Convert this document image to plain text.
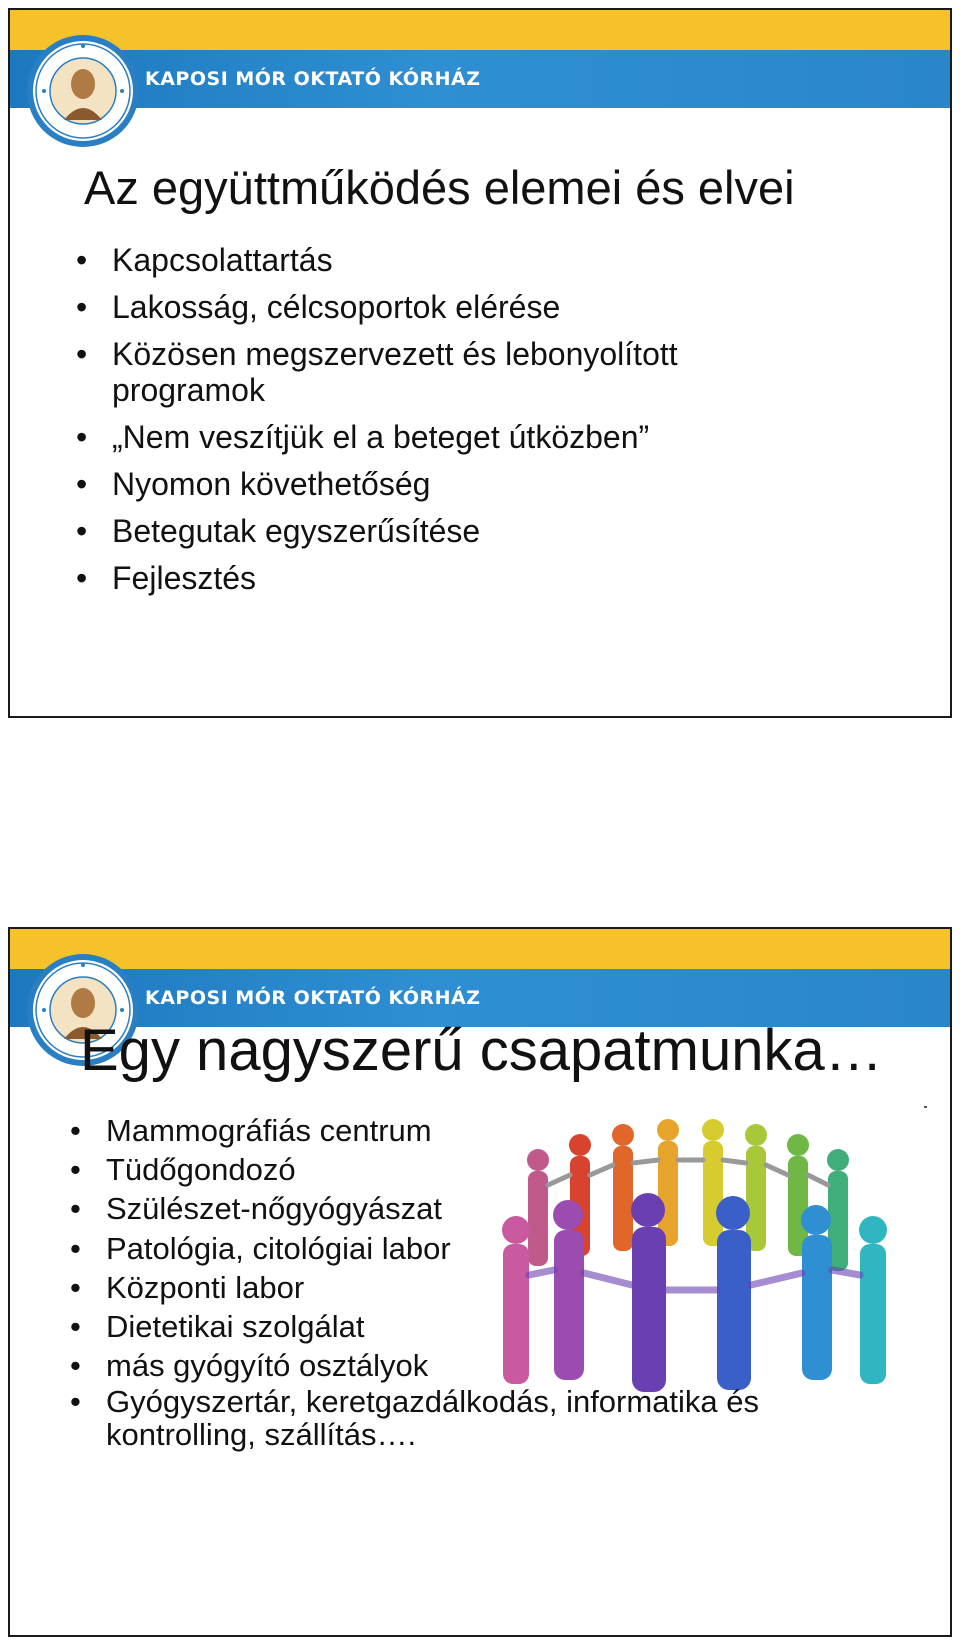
KAPOSI MÓR OKTATÓ KÓRHÁZ
Az együttműködés elemei és elvei
• Kapcsolattartás
• Lakosság, célcsoportok elérése
• Közösen megszervezett és lebonyolított programok
• „Nem veszítjük el a beteget útközben”
• Nyomon követhetőség
• Betegutak egyszerűsítése
• Fejlesztés
KAPOSI MÓR OKTATÓ KÓRHÁZ
Egy nagyszerű csapatmunka…
• Mammográfiás centrum
• Tüdőgondozó
• Szülészet-nőgyógyászat
• Patológia, citológiai labor
• Központi labor
• Dietetikai szolgálat
• más gyógyító osztályok
• Gyógyszertár, keretgazdálkodás, informatika és kontrolling, szállítás….
